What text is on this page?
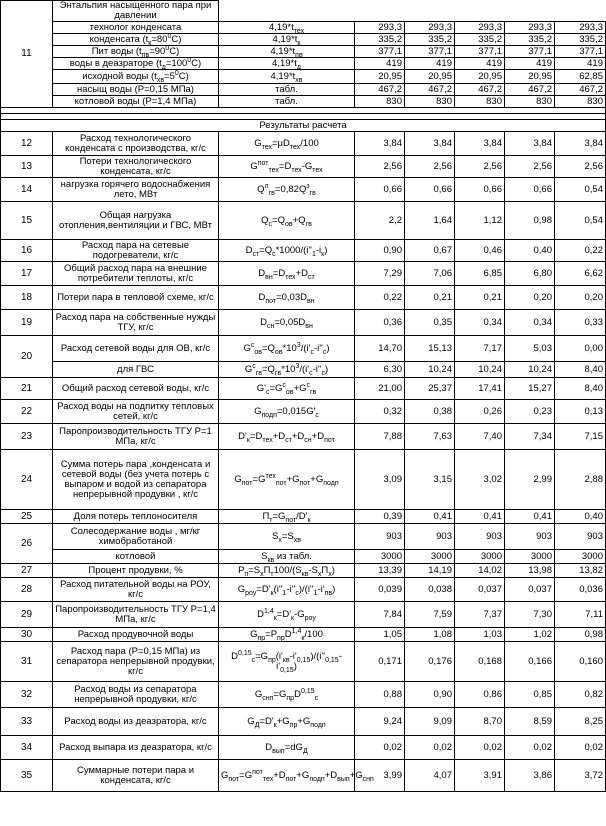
11	Энтальпия насыщенного пара при давлении						
	технолог конденсата	$4,19*t_{тех}$	293,3	293,3	293,3	293,3	293,3
	конденсата $(t_к=80^0С)$	$4,19*t_к$	335,2	335,2	335,2	335,2	335,2
	Пит воды $(t_{пв}=90^0С)$	$4,19*t_{пв}$	377,1	377,1	377,1	377,1	377,1
	воды в деазраторе $(t_д=100^0С)$	$4,19*t_д$	419	419	419	419	419
	исходной воды $(t_{хв}=5^0С)$	$4,19*t_{хв}$	20,95	20,95	20,95	20,95	62,85
	насыщ воды (Р=0,15 МПа)	табл.	467,2	467,2	467,2	467,2	467,2
	котловой воды (Р=1,4 МПа)	табл.	830	830	830	830	830

Результаты расчета							
12	Расход технологического конденсата с производства, кг/с	$G_{тех}=\mu D_{тех}/100$	3,84	3,84	3,84	3,84	3,84
13	Потери технологического конденсата, кг/с	$G^{пот}_{тех}=D_{тех}-G_{тех}$	2,56	2,56	2,56	2,56	2,56
14	нагрузка горячего водоснабжения лето, МВт	$Q^л_{гв}=0,82Q^з_{гв}$	0,66	0,66	0,66	0,66	0,54
15	Общая нагрузка отопления,вентиляции и ГВС, МВт	$Q_с=Q_{ов}+Q_{гв}$	2,2	1,64	1,12	0,98	0,54
16	Расход пара на сетевые подогреватели, кг/с	$D_{ст}=Q_с*1000/(i''_1-i_к)$	0,90	0,67	0,46	0,40	0,22
17	Общий расход пара на внешние потребители теплоты, кг/с	$D_{вн}=D_{тех}+D_{ст}$	7,29	7,06	6,85	6,80	6,62
18	Потери пара в тепловой схеме, кг/с	$D_{пот}=0,03D_{вн}$	0,22	0,21	0,21	0,20	0,20
19	Расход пара на собственные нужды ТГУ, кг/с	$D_{сн}=0,05D_{вн}$	0,36	0,35	0,34	0,34	0,33
20	Расход сетевой воды для ОВ, кг/с	$G^с_{ов}=Q_{ов}*10^3/(i'_с-i''_с)$	14,70	15,13	7,17	5,03	0,00
	для ГВС	$G^с_{гв}=Q_{гв}*10^3/(i'_с-i''_с)$	6,30	10,24	10,24	10,24	8,40
21	Общий расход сетевой воды, кг/с	$G'_с=G^с_{ов}+G^с_{гв}$	21,00	25,37	17,41	15,27	8,40
22	Расход воды на подпитку тепловых сетей, кг/с	$G_{подп}=0,015G'_с$	0,32	0,38	0,26	0,23	0,13
23	Паропроизводительность ТГУ Р=1 МПа, кг/с	$D'_к=D_{тех}+D_{ст}+D_{сн}+D_{пот}$	7,88	7,63	7,40	7,34	7,15
24	Сумма потерь пара ,конденсата и сетевой воды (без учета потерь с выпаром и водой из сепаратора непрерывной продувки , кг/с	$G_{пот}=G^{тех}_{пот}+G_{пот}+G_{подп}$	3,09	3,15	3,02	2,99	2,88
25	Доля потерь теплоносителя	$П_т=G_{пот}/D'_к$	0,39	0,41	0,41	0,41	0,40
26	Солесодержание воды , мг/кг химобработаной	$S_х=S_{хв}$	903	903	903	903	903
	котловой	$S_{кв}$ из табл.	3000	3000	3000	3000	3000
27	Процент продувки, %	$Р_п=S_хП_т100/(S_{кв}-S_хП_х)$	13,39	14,19	14,02	13,98	13,82
28	Расход питательной воды на РОУ, кг/с	$G_{роу}=D'_к(i''_1-i''_с)/(i''_1-i'_{пв})$	0,039	0,038	0,037	0,037	0,036
29	Паропроизводительность ТГУ Р=1,4 МПа, кг/с	$D^{1,4}_к=D'_к-G_{роу}$	7,84	7,59	7,37	7,30	7,11
30	Расход продувочной воды	$G_{пр}=P_{пр}D^{1,4}_к/100$	1,05	1,08	1,03	1,02	0,98
31	Расход пара (Р=0,15 МПа) из сепаратора непрерывной продувки, кг/с	$D^{0,15}_с=G_{пр}(i'_{кв}-i'_{0,15})/(i''_{0,15}-i'_{0,15})$	0,171	0,176	0,168	0,166	0,160
32	Расход воды из сепаратора непрерывной продувки, кг/с	$G_{снп}=G_{пр}D^{0,15}_с$	0,88	0,90	0,86	0,85	0,82
33	Расход воды из деазратора, кг/с	$G_Д=D'_к+G_{пр}+G_{подп}$	9,24	9,09	8,70	8,59	8,25
34	Расход выпара из деазратора, кг/с	$D_{вып}=dG_Д$	0,02	0,02	0,02	0,02	0,02
35	Суммарные потери пара и конденсата, кг/с	$G_{пот}=G^{пот}_{тех}+D_{пот}+G_{подп}+D_{вып}+G_{снп}$	3,99	4,07	3,91	3,86	3,72
